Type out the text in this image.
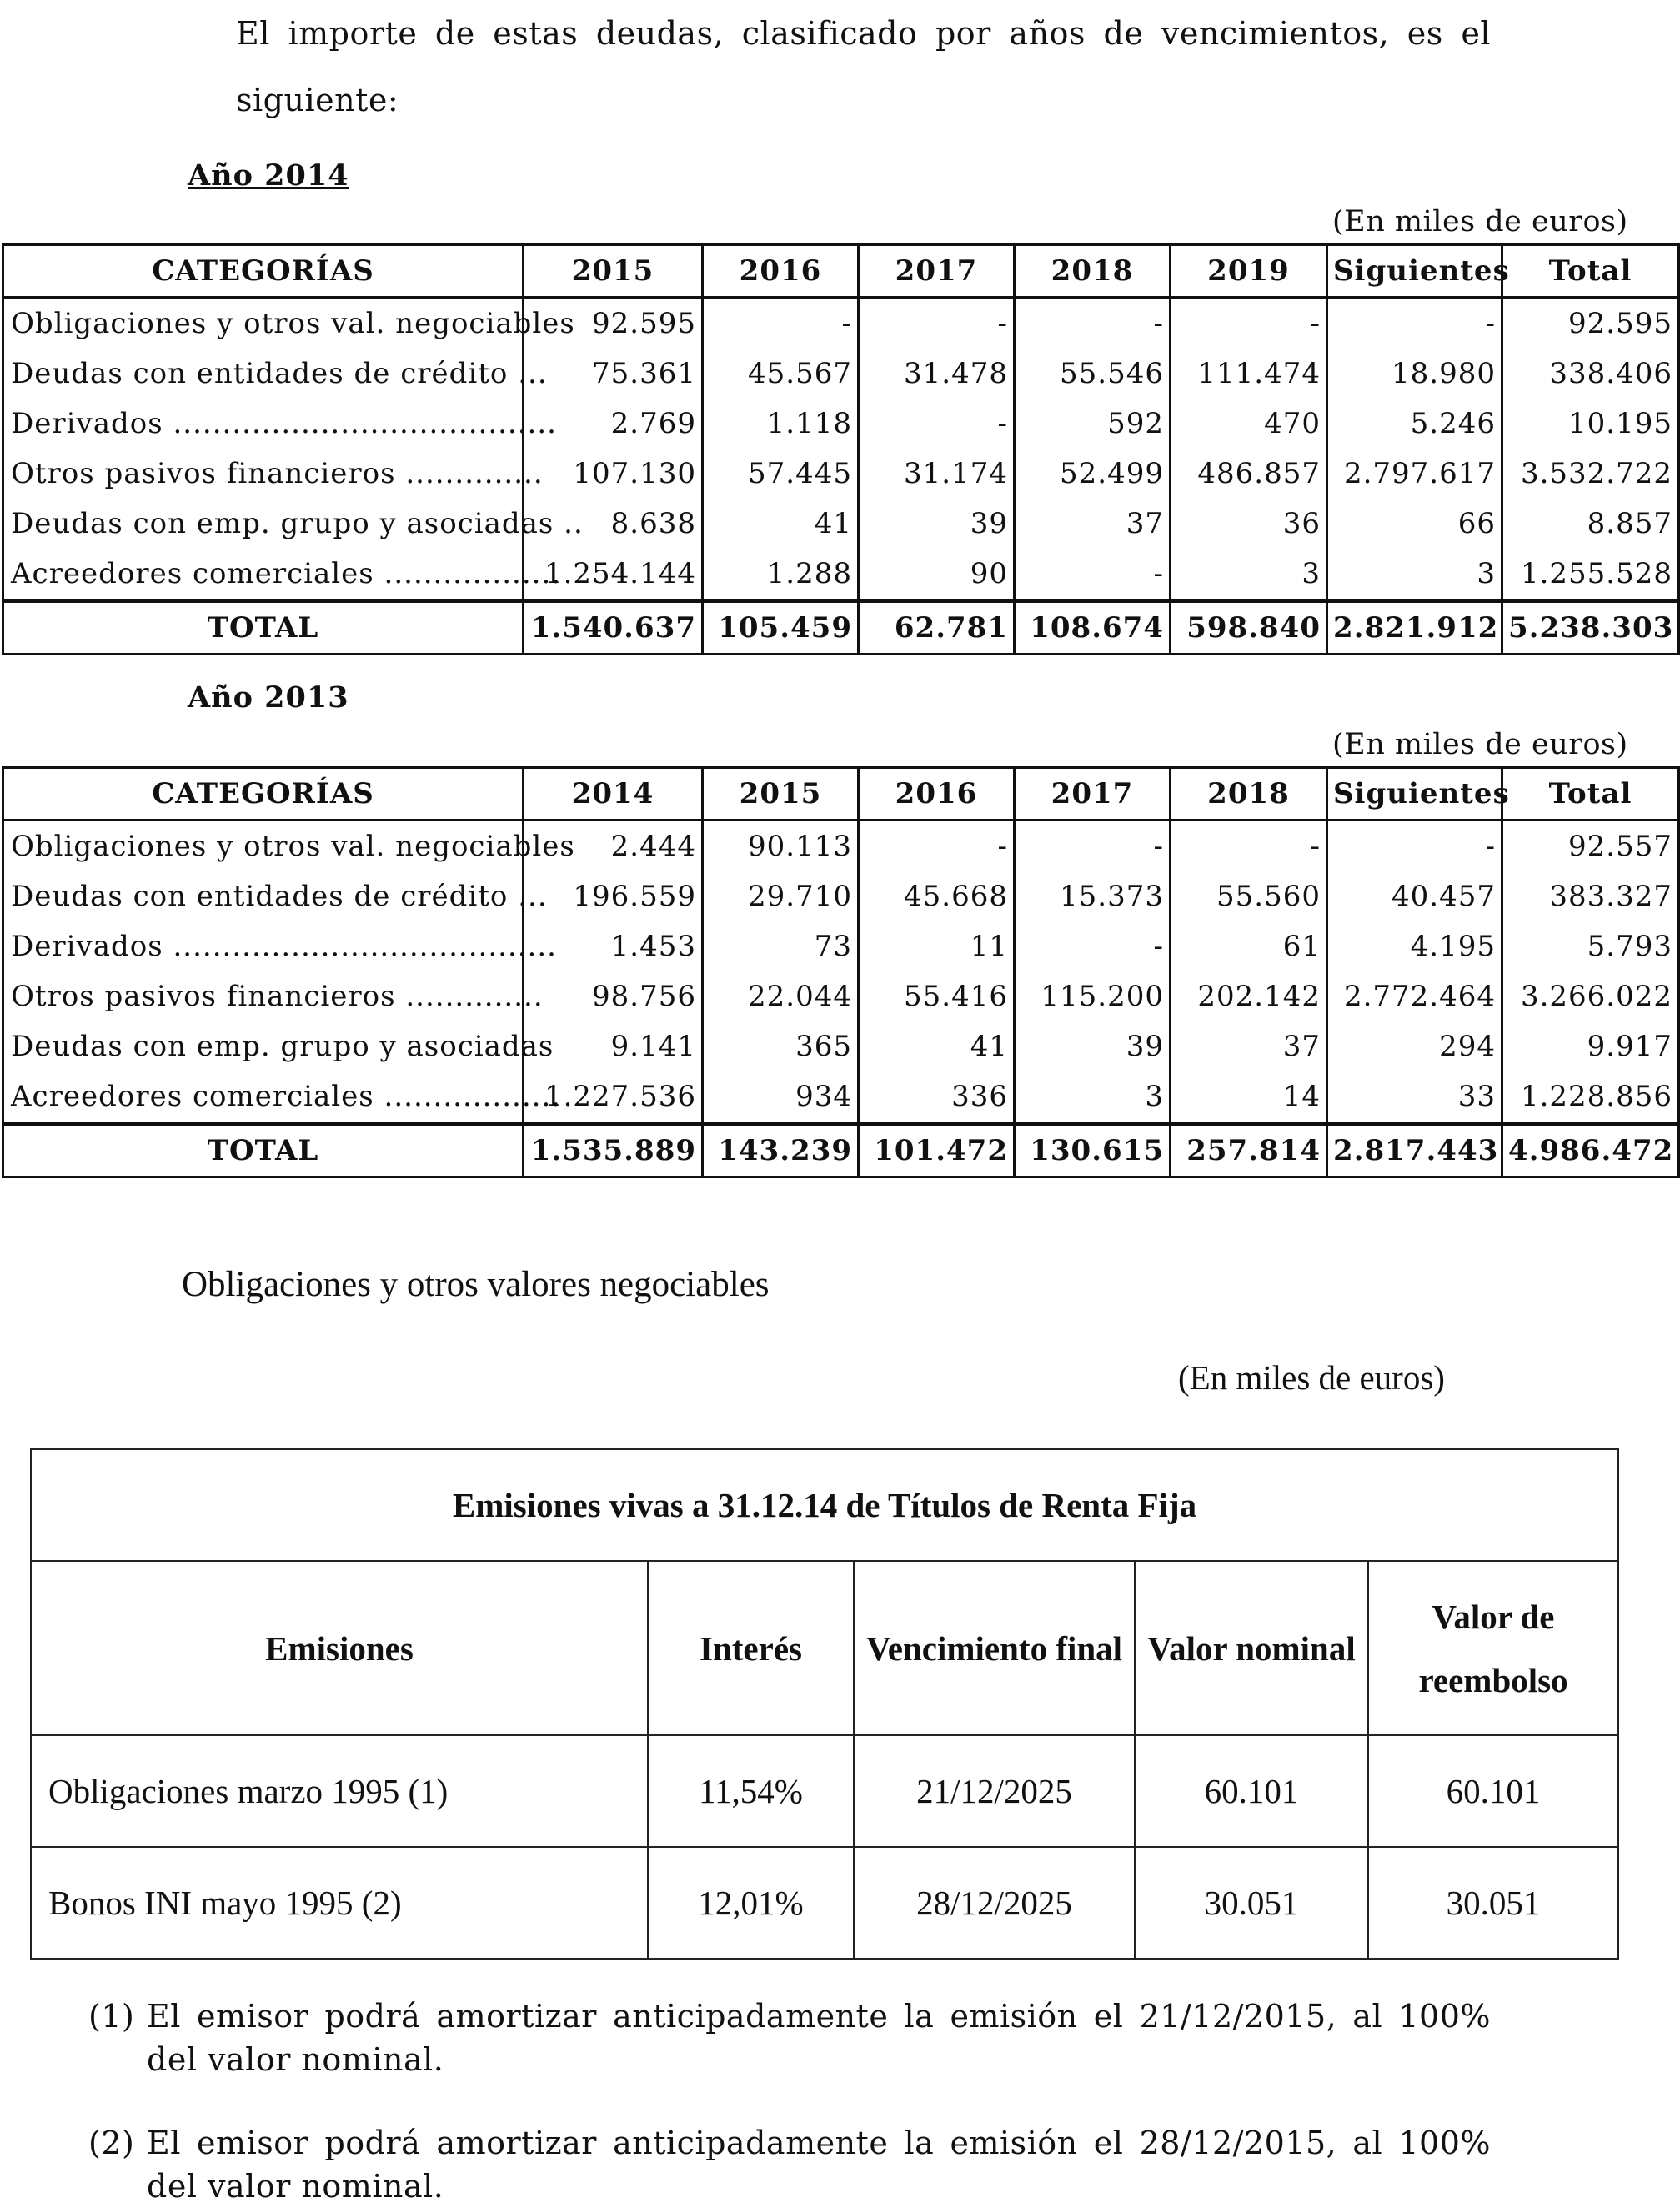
El importe de estas deudas, clasificado por años de vencimientos, es el siguiente:

Año 2014
(En miles de euros)
CATEGORÍAS	2015	2016	2017	2018	2019	Siguientes	Total
Obligaciones y otros val. negociables	92.595	-	-	-	-	-	92.595
Deudas con entidades de crédito ...	75.361	45.567	31.478	55.546	111.474	18.980	338.406
Derivados .......................................	2.769	1.118	-	592	470	5.246	10.195
Otros pasivos financieros ..............	107.130	57.445	31.174	52.499	486.857	2.797.617	3.532.722
Deudas con emp. grupo y asociadas ..	8.638	41	39	37	36	66	8.857
Acreedores comerciales ..................	1.254.144	1.288	90	-	3	3	1.255.528
TOTAL	1.540.637	105.459	62.781	108.674	598.840	2.821.912	5.238.303
Año 2013
(En miles de euros)
CATEGORÍAS	2014	2015	2016	2017	2018	Siguientes	Total
Obligaciones y otros val. negociables	2.444	90.113	-	-	-	-	92.557
Deudas con entidades de crédito ...	196.559	29.710	45.668	15.373	55.560	40.457	383.327
Derivados .......................................	1.453	73	11	-	61	4.195	5.793
Otros pasivos financieros ..............	98.756	22.044	55.416	115.200	202.142	2.772.464	3.266.022
Deudas con emp. grupo y asociadas	9.141	365	41	39	37	294	9.917
Acreedores comerciales ..................	1.227.536	934	336	3	14	33	1.228.856
TOTAL	1.535.889	143.239	101.472	130.615	257.814	2.817.443	4.986.472
Obligaciones y otros valores negociables
(En miles de euros)
Emisiones vivas a 31.12.14 de Títulos de Renta Fija				
Emisiones	Interés	Vencimiento final	Valor nominal	Valor de reembolso
Obligaciones marzo 1995 (1)	11,54%	21/12/2025	60.101	60.101
Bonos INI mayo 1995 (2)	12,01%	28/12/2025	30.051	30.051
(1) El emisor podrá amortizar anticipadamente la emisión el 21/12/2015, al 100% del valor nominal.
(2) El emisor podrá amortizar anticipadamente la emisión el 28/12/2015, al 100% del valor nominal.
